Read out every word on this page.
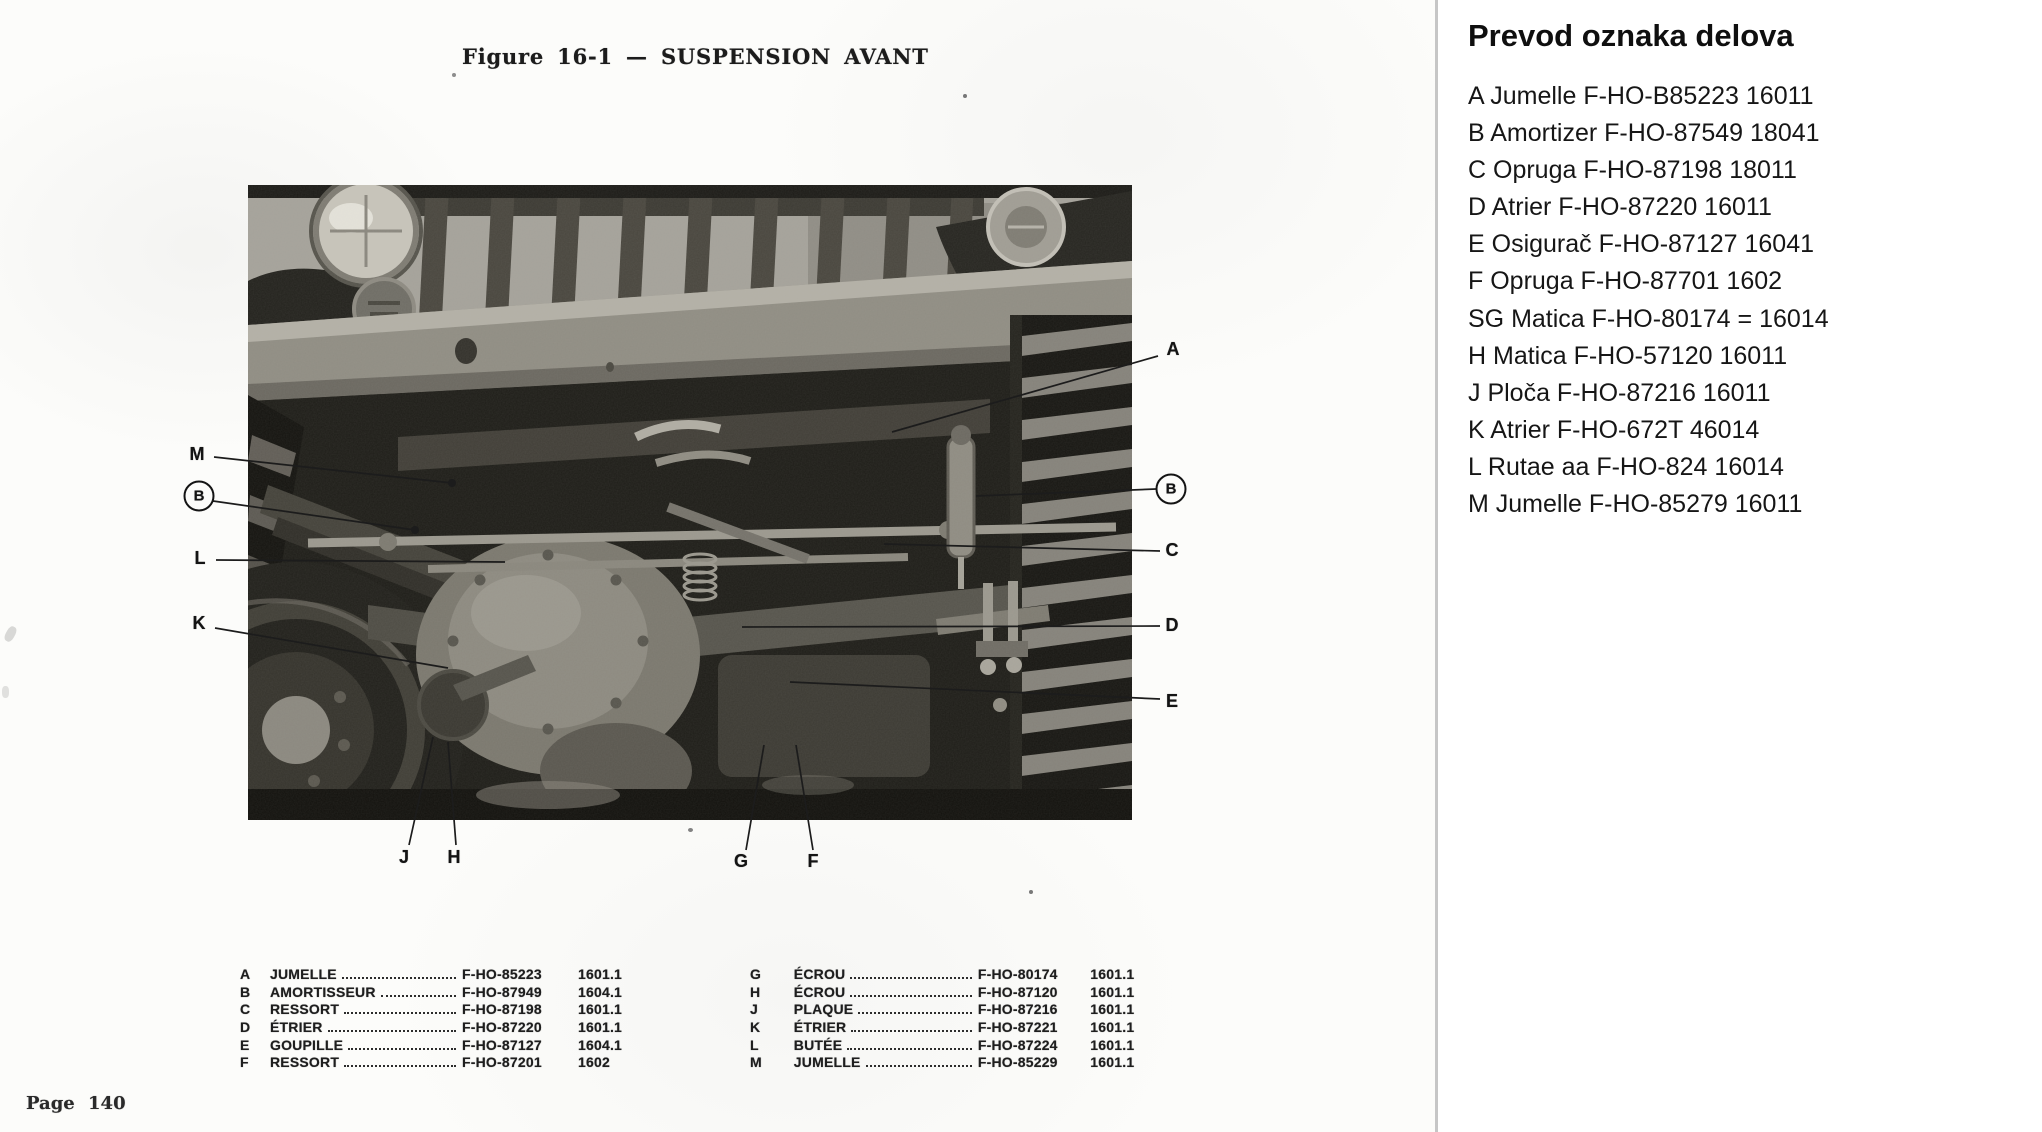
Figure 16-1 — SUSPENSION AVANT
M
B
L
K
A
B
C
D
E
J H	G	F
A	JUMELLE	F-HO-85223	1601.1
B	AMORTISSEUR	F-HO-87949	1604.1
C	RESSORT	F-HO-87198	1601.1
D	ÉTRIER	F-HO-87220	1601.1
E	GOUPILLE	F-HO-87127	1604.1
F	RESSORT	F-HO-87201	1602
G	ÉCROU	F-HO-80174	1601.1
H	ÉCROU	F-HO-87120	1601.1
J	PLAQUE	F-HO-87216	1601.1
K	ÉTRIER	F-HO-87221	1601.1
L	BUTÉE	F-HO-87224	1601.1
M	JUMELLE	F-HO-85229	1601.1
Page 140
Prevod oznaka delova
A Jumelle F-HO-B85223 16011
B Amortizer F-HO-87549 18041
C Opruga F-HO-87198 18011
D Atrier F-HO-87220 16011
E Osigurač F-HO-87127 16041
F Opruga F-HO-87701 1602
SG Matica F-HO-80174 = 16014
H Matica F-HO-57120 16011
J Ploča F-HO-87216 16011
K Atrier F-HO-672T 46014
L Rutae aa F-HO-824 16014
M Jumelle F-HO-85279 16011
